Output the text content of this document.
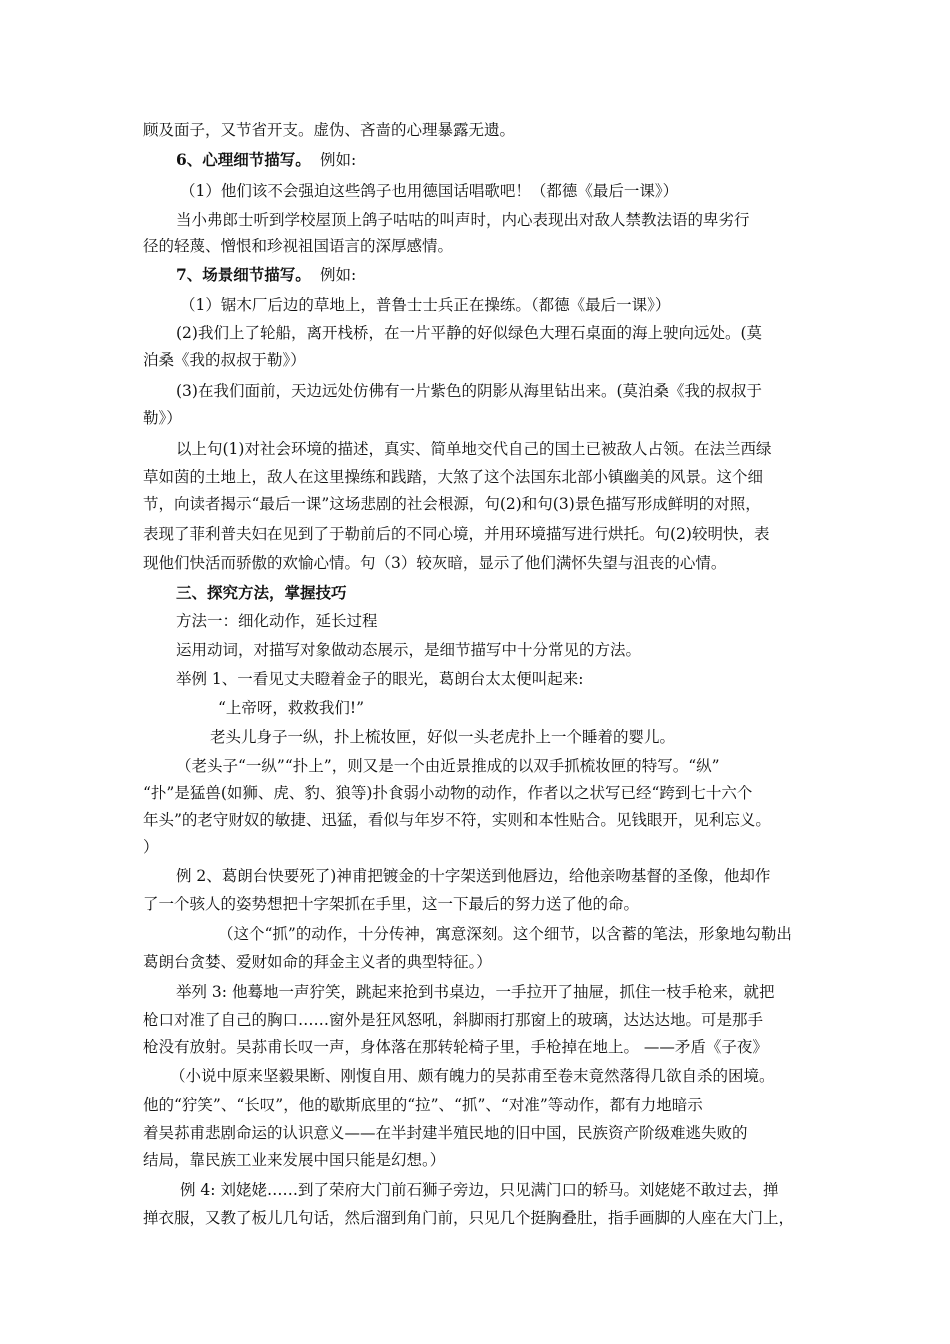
顾及面子，又节省开支。虚伪、吝啬的心理暴露无遗。
6、心理细节描写。 例如:
（1）他们该不会强迫这些鸽子也用德国话唱歌吧！（都德《最后一课》）
当小弗郎士听到学校屋顶上鸽子咕咕的叫声时，内心表现出对敌人禁教法语的卑劣行
径的轻蔑、憎恨和珍视祖国语言的深厚感情。
7、场景细节描写。 例如:
（1）锯木厂后边的草地上，普鲁士士兵正在操练。（都德《最后一课》）
(2)我们上了轮船，离开栈桥，在一片平静的好似绿色大理石桌面的海上驶向远处。(莫
泊桑《我的叔叔于勒》）
(3)在我们面前，天边远处仿佛有一片紫色的阴影从海里钻出来。(莫泊桑《我的叔叔于
勒》）
以上句(1)对社会环境的描述，真实、简单地交代自己的国土已被敌人占领。在法兰西绿
草如茵的土地上，敌人在这里操练和践踏，大煞了这个法国东北部小镇幽美的风景。这个细
节，向读者揭示“最后一课”这场悲剧的社会根源，句(2)和句(3)景色描写形成鲜明的对照，
表现了菲利普夫妇在见到了于勒前后的不同心境，并用环境描写进行烘托。句(2)较明快，表
现他们快活而骄傲的欢愉心情。句（3）较灰暗，显示了他们满怀失望与沮丧的心情。
三、探究方法，掌握技巧
方法一：细化动作，延长过程
运用动词，对描写对象做动态展示，是细节描写中十分常见的方法。
举例 1、一看见丈夫瞪着金子的眼光，葛朗台太太便叫起来:
“上帝呀，救救我们!”
老头儿身子一纵，扑上梳妆匣，好似一头老虎扑上一个睡着的婴儿。
（老头子“一纵”“扑上”，则又是一个由近景推成的以双手抓梳妆匣的特写。“纵”
“扑”是猛兽(如狮、虎、豹、狼等)扑食弱小动物的动作，作者以之状写已经“跨到七十六个
年头”的老守财奴的敏捷、迅猛，看似与年岁不符，实则和本性贴合。见钱眼开，见利忘义。
）
例 2、葛朗台快要死了)神甫把镀金的十字架送到他唇边，给他亲吻基督的圣像，他却作
了一个骇人的姿势想把十字架抓在手里，这一下最后的努力送了他的命。
（这个“抓”的动作，十分传神，寓意深刻。这个细节，以含蓄的笔法，形象地勾勒出
葛朗台贪婪、爱财如命的拜金主义者的典型特征。）
举列 3: 他蓦地一声狞笑，跳起来抢到书桌边，一手拉开了抽屉，抓住一枝手枪来，就把
枪口对准了自己的胸口……窗外是狂风怒吼，斜脚雨打那窗上的玻璃，达达达地。可是那手
枪没有放射。吴荪甫长叹一声，身体落在那转轮椅子里，手枪掉在地上。 ——矛盾《子夜》
（小说中原来坚毅果断、刚愎自用、颇有魄力的吴荪甫至卷末竟然落得几欲自杀的困境。
他的“狞笑”、“长叹”，他的歇斯底里的“拉”、“抓”、“对准”等动作，都有力地暗示
着吴荪甫悲剧命运的认识意义——在半封建半殖民地的旧中国，民族资产阶级难逃失败的
结局，靠民族工业来发展中国只能是幻想。）
例 4: 刘姥姥……到了荣府大门前石狮子旁边，只见满门口的轿马。刘姥姥不敢过去，掸
掸衣服，又教了板儿几句话，然后溜到角门前，只见几个挺胸叠肚，指手画脚的人座在大门上，
